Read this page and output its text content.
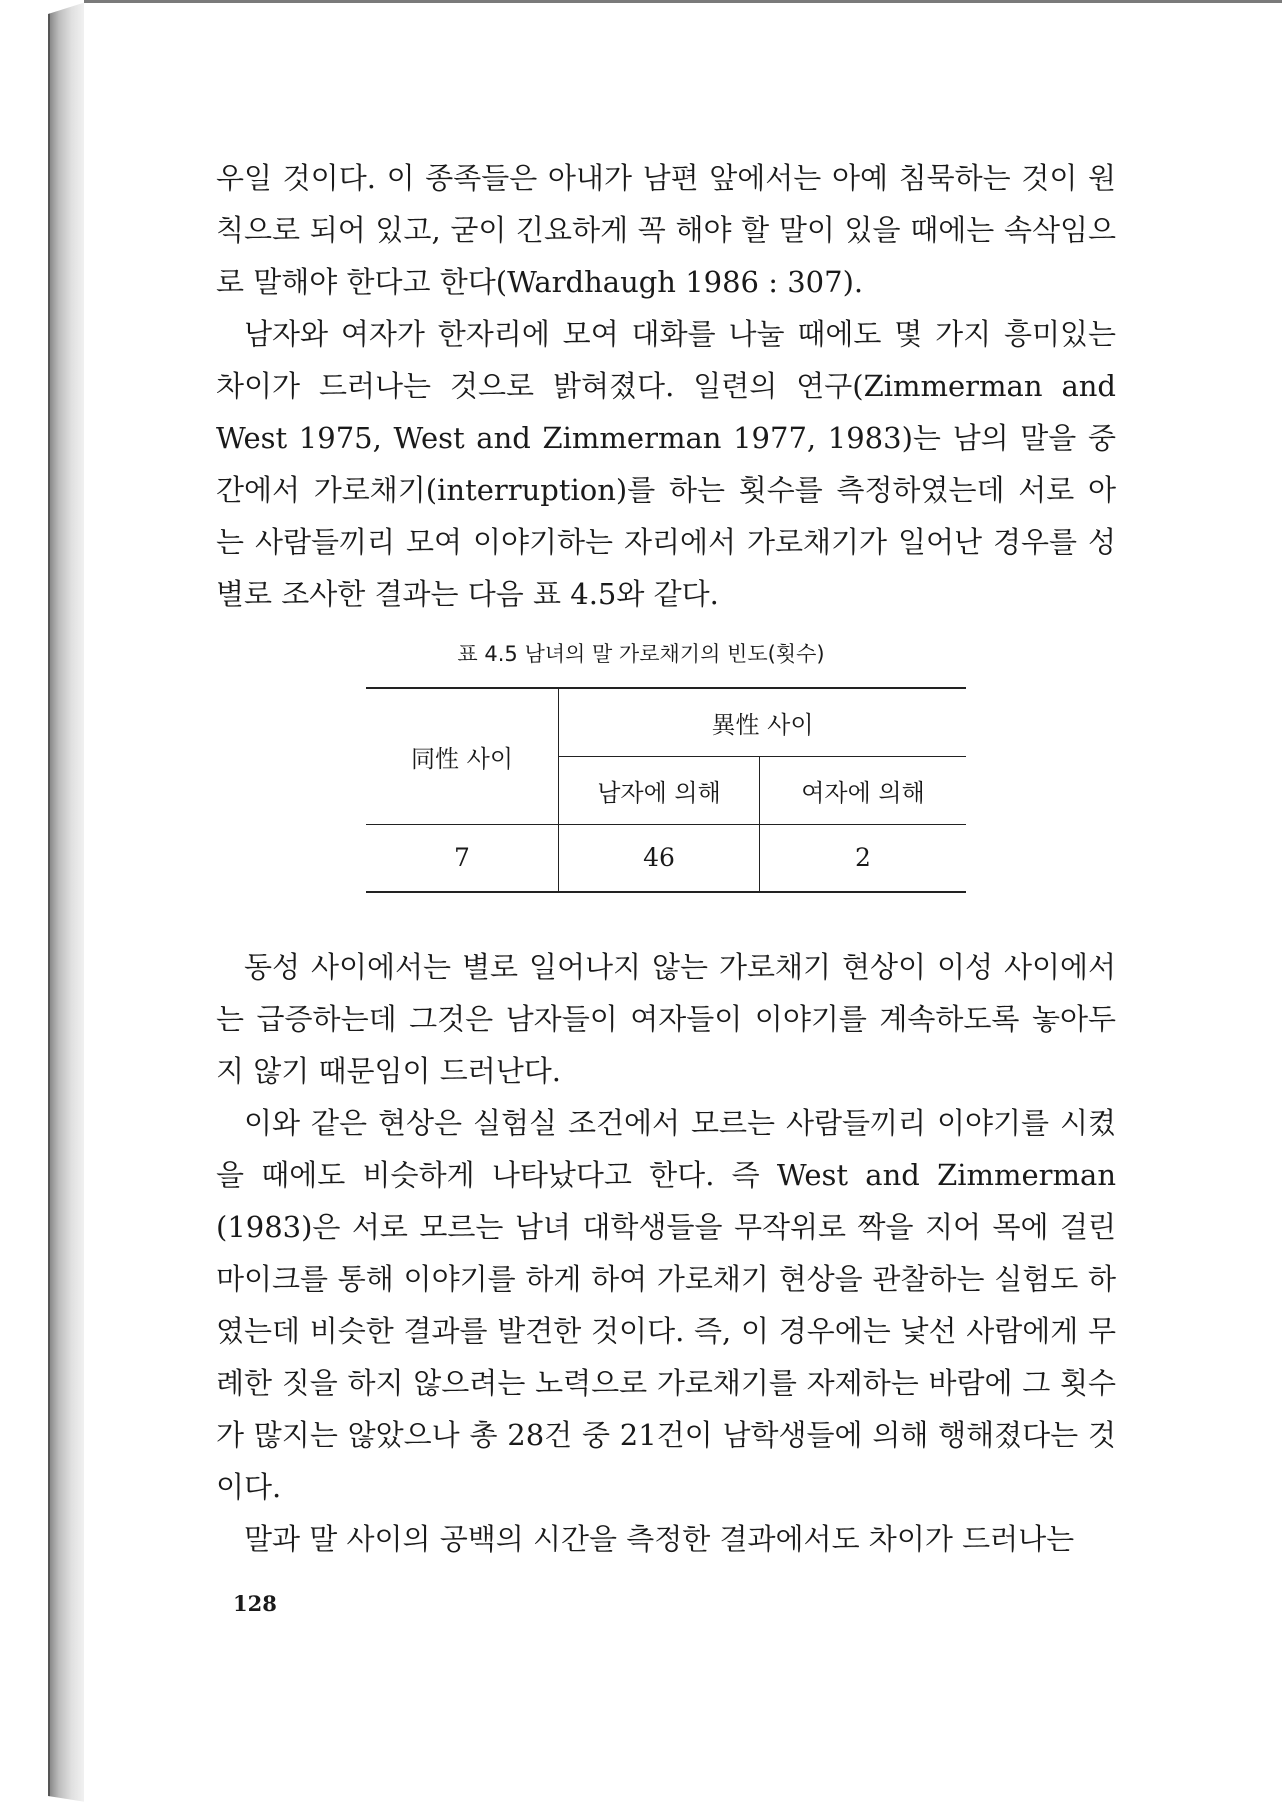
우일 것이다. 이 종족들은 아내가 남편 앞에서는 아예 침묵하는 것이 원칙으로 되어 있고, 굳이 긴요하게 꼭 해야 할 말이 있을 때에는 속삭임으로 말해야 한다고 한다(Wardhaugh 1986 : 307).

남자와 여자가 한자리에 모여 대화를 나눌 때에도 몇 가지 흥미있는 차이가 드러나는 것으로 밝혀졌다. 일련의 연구(Zimmerman and West 1975, West and Zimmerman 1977, 1983)는 남의 말을 중간에서 가로채기(interruption)를 하는 횟수를 측정하였는데 서로 아는 사람들끼리 모여 이야기하는 자리에서 가로채기가 일어난 경우를 성별로 조사한 결과는 다음 표 4.5와 같다.

표 4.5 남녀의 말 가로채기의 빈도(횟수)
同性 사이	異性 사이	
	남자에 의해	여자에 의해
7	46	2

동성 사이에서는 별로 일어나지 않는 가로채기 현상이 이성 사이에서는 급증하는데 그것은 남자들이 여자들이 이야기를 계속하도록 놓아두지 않기 때문임이 드러난다.

이와 같은 현상은 실험실 조건에서 모르는 사람들끼리 이야기를 시켰을 때에도 비슷하게 나타났다고 한다. 즉 West and Zimmerman (1983)은 서로 모르는 남녀 대학생들을 무작위로 짝을 지어 목에 걸린 마이크를 통해 이야기를 하게 하여 가로채기 현상을 관찰하는 실험도 하였는데 비슷한 결과를 발견한 것이다. 즉, 이 경우에는 낯선 사람에게 무례한 짓을 하지 않으려는 노력으로 가로채기를 자제하는 바람에 그 횟수가 많지는 않았으나 총 28건 중 21건이 남학생들에 의해 행해졌다는 것이다.

말과 말 사이의 공백의 시간을 측정한 결과에서도 차이가 드러나는

128
